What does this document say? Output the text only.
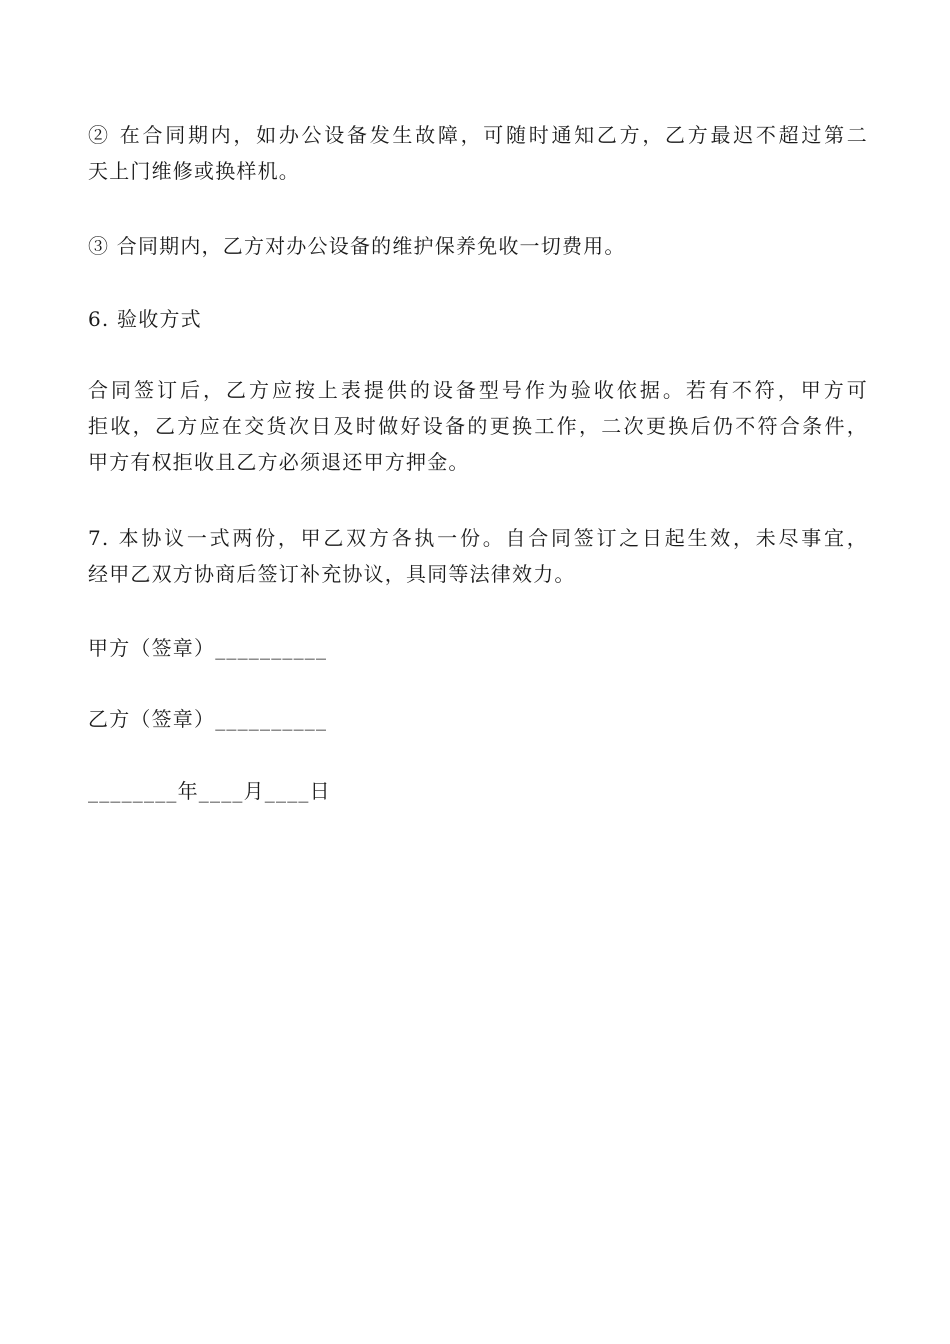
② 在合同期内，如办公设备发生故障，可随时通知乙方，乙方最迟不超过第二
天上门维修或换样机。
③ 合同期内，乙方对办公设备的维护保养免收一切费用。
6. 验收方式
合同签订后，乙方应按上表提供的设备型号作为验收依据。若有不符，甲方可
拒收，乙方应在交货次日及时做好设备的更换工作，二次更换后仍不符合条件，
甲方有权拒收且乙方必须退还甲方押金。
7. 本协议一式两份，甲乙双方各执一份。自合同签订之日起生效，未尽事宜，
经甲乙双方协商后签订补充协议，具同等法律效力。
甲方（签章）__________
乙方（签章）__________
________年____月____日
